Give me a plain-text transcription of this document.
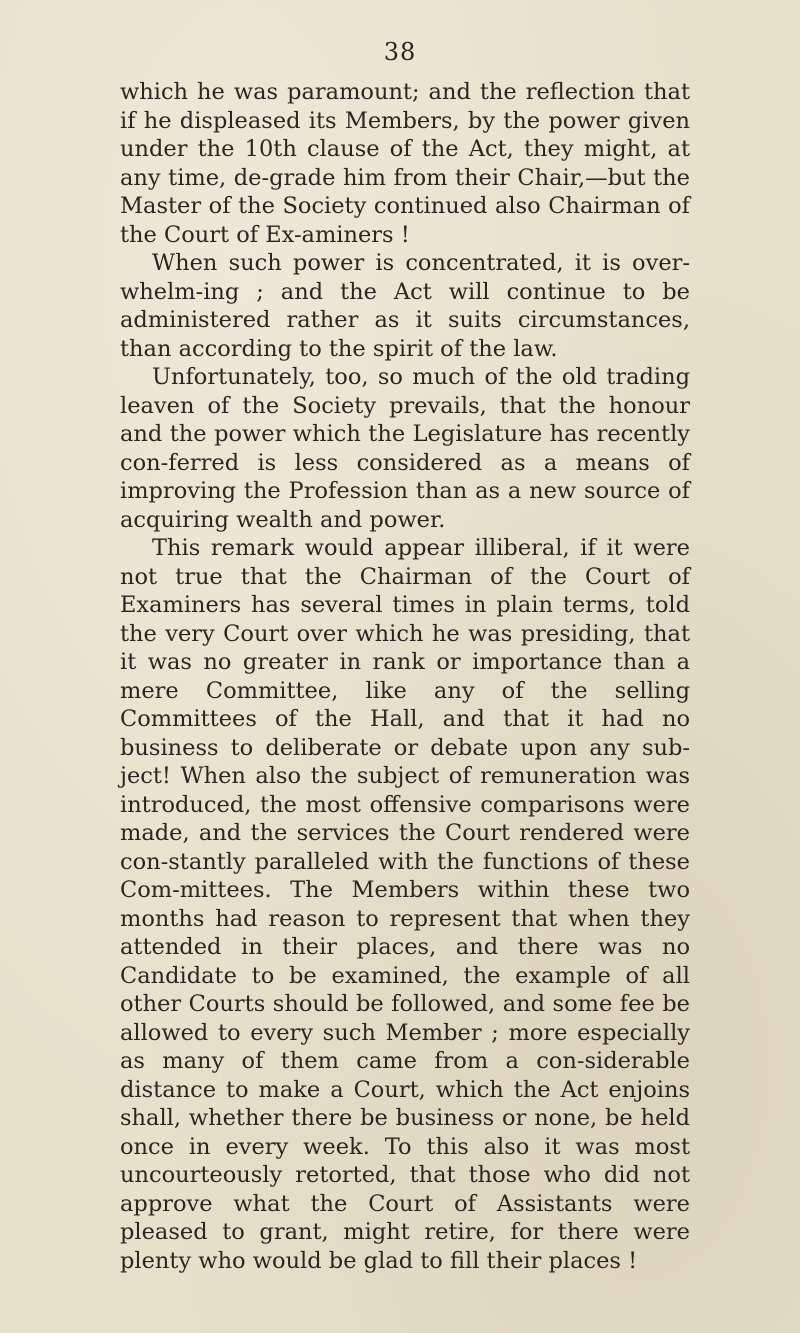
38

which he was paramount; and the reflection that if he displeased its Members, by the power given under the 10th clause of the Act, they might, at any time, de-grade him from their Chair,—but the Master of the Society continued also Chairman of the Court of Ex-aminers !

When such power is concentrated, it is over-whelm-ing ; and the Act will continue to be administered rather as it suits circumstances, than according to the spirit of the law.

Unfortunately, too, so much of the old trading leaven of the Society prevails, that the honour and the power which the Legislature has recently con-ferred is less considered as a means of improving the Profession than as a new source of acquiring wealth and power.

This remark would appear illiberal, if it were not true that the Chairman of the Court of Examiners has several times in plain terms, told the very Court over which he was presiding, that it was no greater in rank or importance than a mere Committee, like any of the selling Committees of the Hall, and that it had no business to deliberate or debate upon any sub-ject! When also the subject of remuneration was introduced, the most offensive comparisons were made, and the services the Court rendered were con-stantly paralleled with the functions of these Com-mittees. The Members within these two months had reason to represent that when they attended in their places, and there was no Candidate to be examined, the example of all other Courts should be followed, and some fee be allowed to every such Member ; more especially as many of them came from a con-siderable distance to make a Court, which the Act enjoins shall, whether there be business or none, be held once in every week. To this also it was most uncourteously retorted, that those who did not approve what the Court of Assistants were pleased to grant, might retire, for there were plenty who would be glad to fill their places !
